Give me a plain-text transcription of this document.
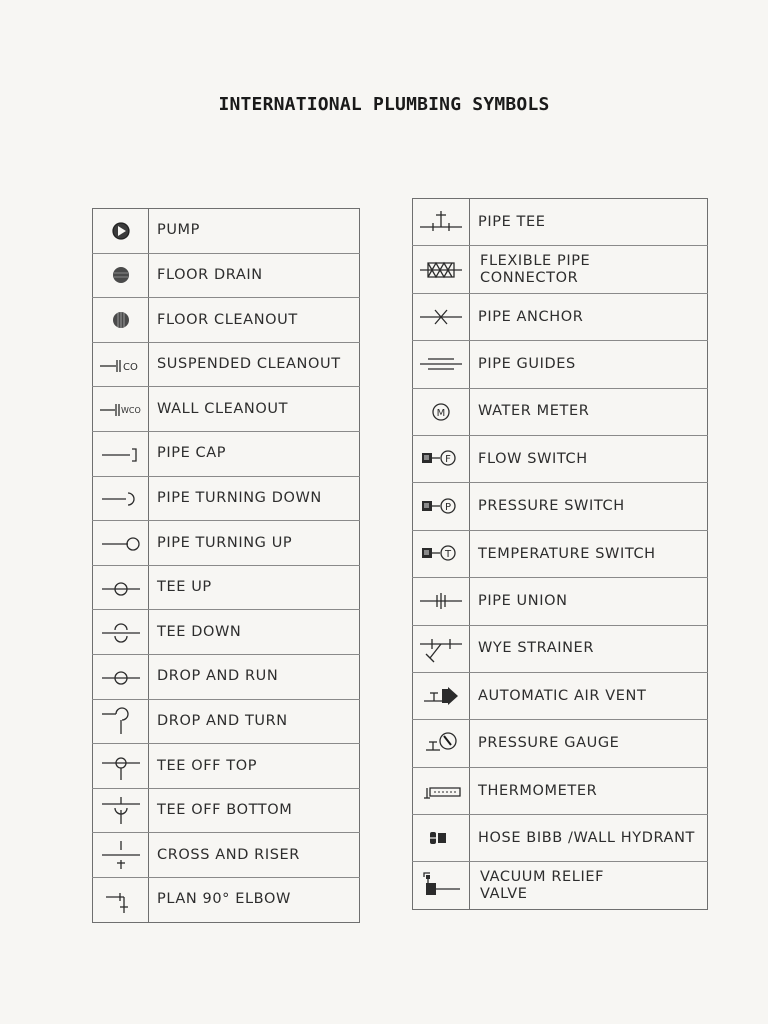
INTERNATIONAL PLUMBING SYMBOLS
PUMP
FLOOR DRAIN
FLOOR CLEANOUT
CO	SUSPENDED CLEANOUT
WCO	WALL CLEANOUT
PIPE CAP
PIPE TURNING DOWN
PIPE TURNING UP
TEE UP
TEE DOWN
DROP AND RUN
DROP AND TURN
TEE OFF TOP
TEE OFF BOTTOM
CROSS AND RISER
PLAN 90° ELBOW
PIPE TEE
FLEXIBLE PIPE
CONNECTOR
PIPE ANCHOR
PIPE GUIDES
M	WATER METER
F	FLOW SWITCH
P	PRESSURE SWITCH
T	TEMPERATURE SWITCH
PIPE UNION
WYE STRAINER
AUTOMATIC AIR VENT
PRESSURE GAUGE
THERMOMETER
HOSE BIBB /WALL HYDRANT
VACUUM RELIEF
VALVE
